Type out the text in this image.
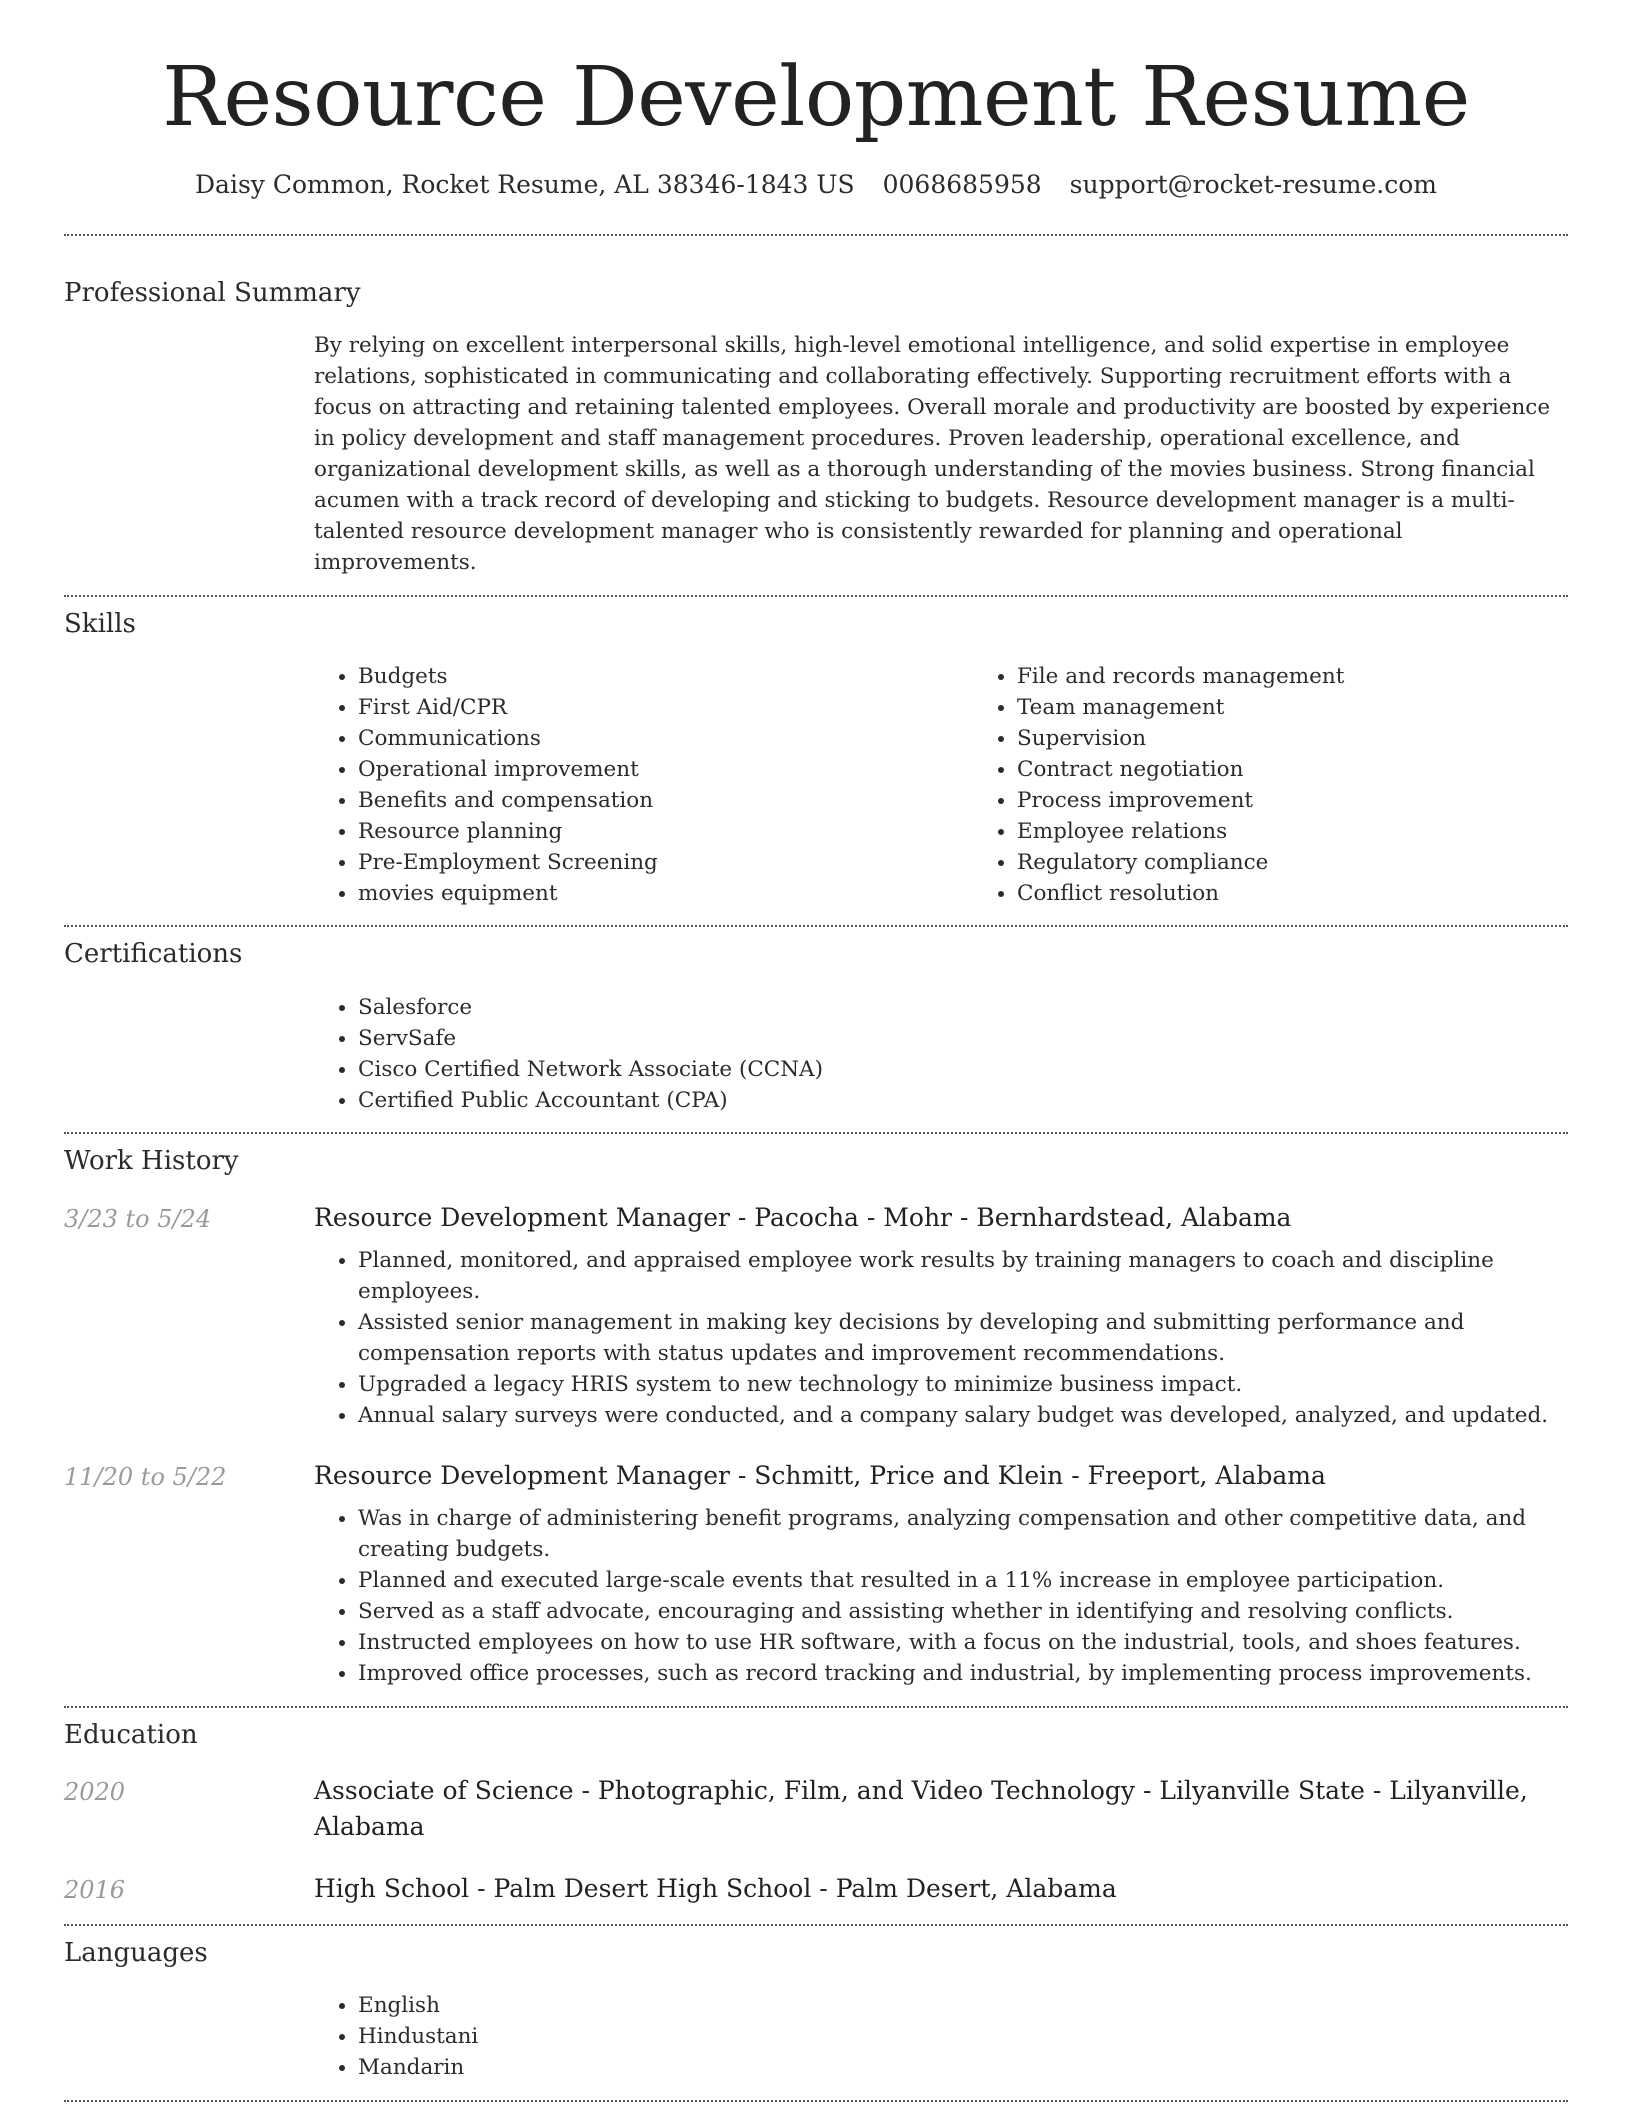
Resource Development Resume
Daisy Common, Rocket Resume, AL 38346-1843 US 0068685958 support@rocket-resume.com
Professional Summary

By relying on excellent interpersonal skills, high-level emotional intelligence, and solid expertise in employee relations, sophisticated in communicating and collaborating effectively. Supporting recruitment efforts with a focus on attracting and retaining talented employees. Overall morale and productivity are boosted by experience in policy development and staff management procedures. Proven leadership, operational excellence, and organizational development skills, as well as a thorough understanding of the movies business. Strong financial acumen with a track record of developing and sticking to budgets. Resource development manager is a multi-talented resource development manager who is consistently rewarded for planning and operational improvements.

Skills
• Budgets
• First Aid/CPR
• Communications
• Operational improvement
• Benefits and compensation
• Resource planning
• Pre-Employment Screening
• movies equipment
• File and records management
• Team management
• Supervision
• Contract negotiation
• Process improvement
• Employee relations
• Regulatory compliance
• Conflict resolution
Certifications
• Salesforce
• ServSafe
• Cisco Certified Network Associate (CCNA)
• Certified Public Accountant (CPA)
Work History
3/23 to 5/24	Resource Development Manager - Pacocha - Mohr - Bernhardstead, Alabama
• Planned, monitored, and appraised employee work results by training managers to coach and discipline employees.
• Assisted senior management in making key decisions by developing and submitting performance and compensation reports with status updates and improvement recommendations.
• Upgraded a legacy HRIS system to new technology to minimize business impact.
• Annual salary surveys were conducted, and a company salary budget was developed, analyzed, and updated.
11/20 to 5/22	Resource Development Manager - Schmitt, Price and Klein - Freeport, Alabama
• Was in charge of administering benefit programs, analyzing compensation and other competitive data, and creating budgets.
• Planned and executed large-scale events that resulted in a 11% increase in employee participation.
• Served as a staff advocate, encouraging and assisting whether in identifying and resolving conflicts.
• Instructed employees on how to use HR software, with a focus on the industrial, tools, and shoes features.
• Improved office processes, such as record tracking and industrial, by implementing process improvements.
Education
2020	Associate of Science - Photographic, Film, and Video Technology - Lilyanville State - Lilyanville, Alabama
2016	High School - Palm Desert High School - Palm Desert, Alabama
Languages
• English
• Hindustani
• Mandarin
